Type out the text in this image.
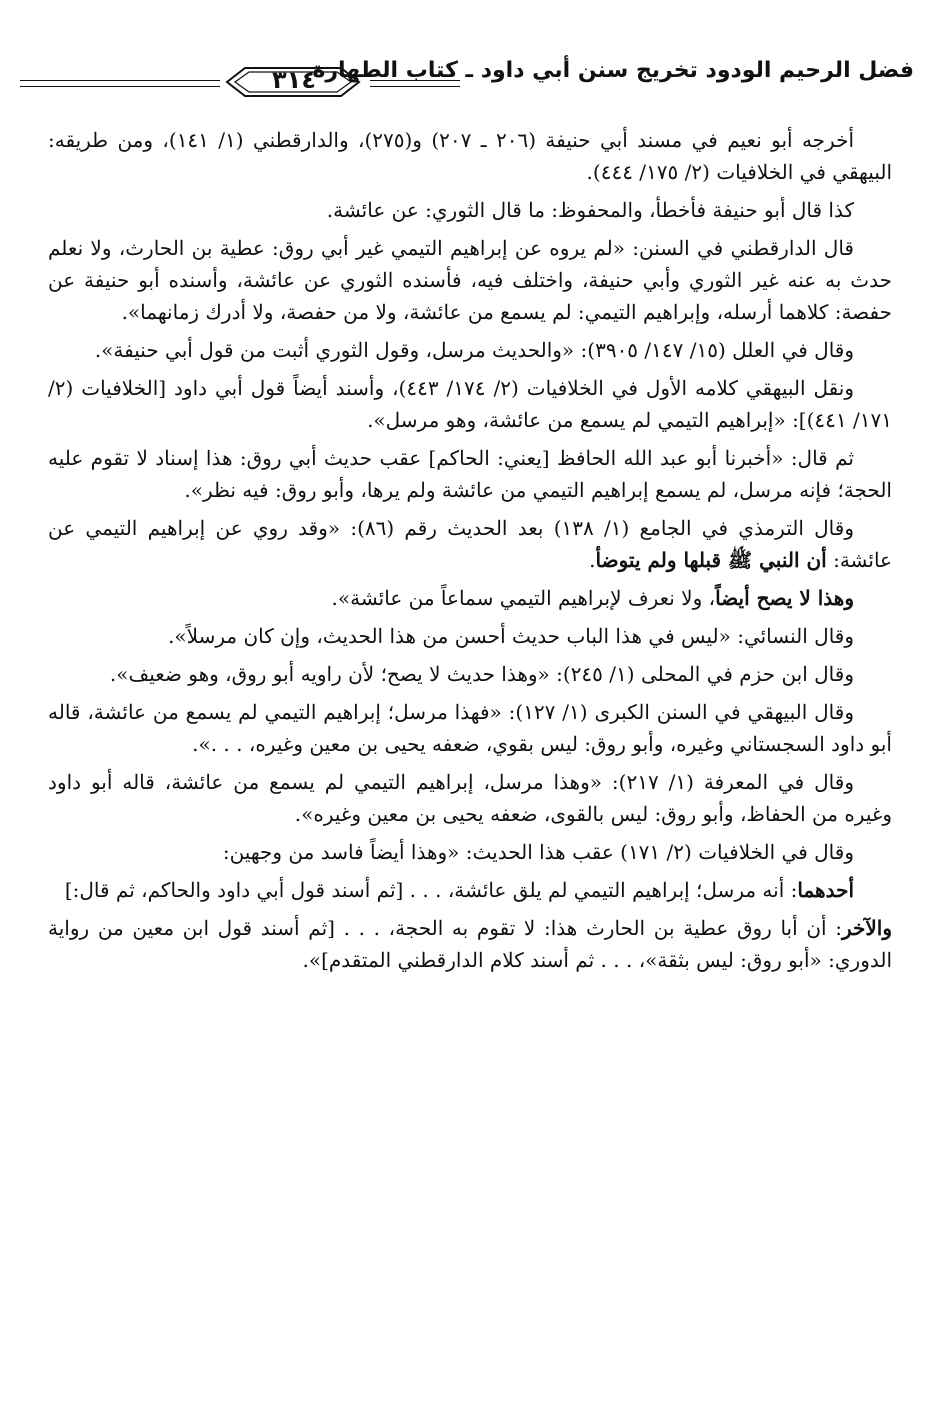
فضل الرحيم الودود تخريج سنن أبي داود ـ كتاب الطهارة
٣١٤

أخرجه أبو نعيم في مسند أبي حنيفة (٢٠٦ ـ ٢٠٧) و(٢٧٥)، والدارقطني (١/ ١٤١)، ومن طريقه: البيهقي في الخلافيات (٢/ ١٧٥/ ٤٤٤).

كذا قال أبو حنيفة فأخطأ، والمحفوظ: ما قال الثوري: عن عائشة.

قال الدارقطني في السنن: «لم يروه عن إبراهيم التيمي غير أبي روق: عطية بن الحارث، ولا نعلم حدث به عنه غير الثوري وأبي حنيفة، واختلف فيه، فأسنده الثوري عن عائشة، وأسنده أبو حنيفة عن حفصة: كلاهما أرسله، وإبراهيم التيمي: لم يسمع من عائشة، ولا من حفصة، ولا أدرك زمانهما».

وقال في العلل (١٥/ ١٤٧/ ٣٩٠٥): «والحديث مرسل، وقول الثوري أثبت من قول أبي حنيفة».

ونقل البيهقي كلامه الأول في الخلافيات (٢/ ١٧٤/ ٤٤٣)، وأسند أيضاً قول أبي داود [الخلافيات (٢/ ١٧١/ ٤٤١)]: «إبراهيم التيمي لم يسمع من عائشة، وهو مرسل».

ثم قال: «أخبرنا أبو عبد الله الحافظ [يعني: الحاكم] عقب حديث أبي روق: هذا إسناد لا تقوم عليه الحجة؛ فإنه مرسل، لم يسمع إبراهيم التيمي من عائشة ولم يرها، وأبو روق: فيه نظر».

وقال الترمذي في الجامع (١/ ١٣٨) بعد الحديث رقم (٨٦): «وقد روي عن إبراهيم التيمي عن عائشة: أن النبي ﷺ قبلها ولم يتوضأ.

وهذا لا يصح أيضاً، ولا نعرف لإبراهيم التيمي سماعاً من عائشة».

وقال النسائي: «ليس في هذا الباب حديث أحسن من هذا الحديث، وإن كان مرسلاً».

وقال ابن حزم في المحلى (١/ ٢٤٥): «وهذا حديث لا يصح؛ لأن راويه أبو روق، وهو ضعيف».

وقال البيهقي في السنن الكبرى (١/ ١٢٧): «فهذا مرسل؛ إبراهيم التيمي لم يسمع من عائشة، قاله أبو داود السجستاني وغيره، وأبو روق: ليس بقوي، ضعفه يحيى بن معين وغيره، . . .».

وقال في المعرفة (١/ ٢١٧): «وهذا مرسل، إبراهيم التيمي لم يسمع من عائشة، قاله أبو داود وغيره من الحفاظ، وأبو روق: ليس بالقوى، ضعفه يحيى بن معين وغيره».

وقال في الخلافيات (٢/ ١٧١) عقب هذا الحديث: «وهذا أيضاً فاسد من وجهين:

أحدهما: أنه مرسل؛ إبراهيم التيمي لم يلق عائشة، . . . [ثم أسند قول أبي داود والحاكم، ثم قال:]

والآخر: أن أبا روق عطية بن الحارث هذا: لا تقوم به الحجة، . . . [ثم أسند قول ابن معين من رواية الدوري: «أبو روق: ليس بثقة»، . . . ثم أسند كلام الدارقطني المتقدم]».
